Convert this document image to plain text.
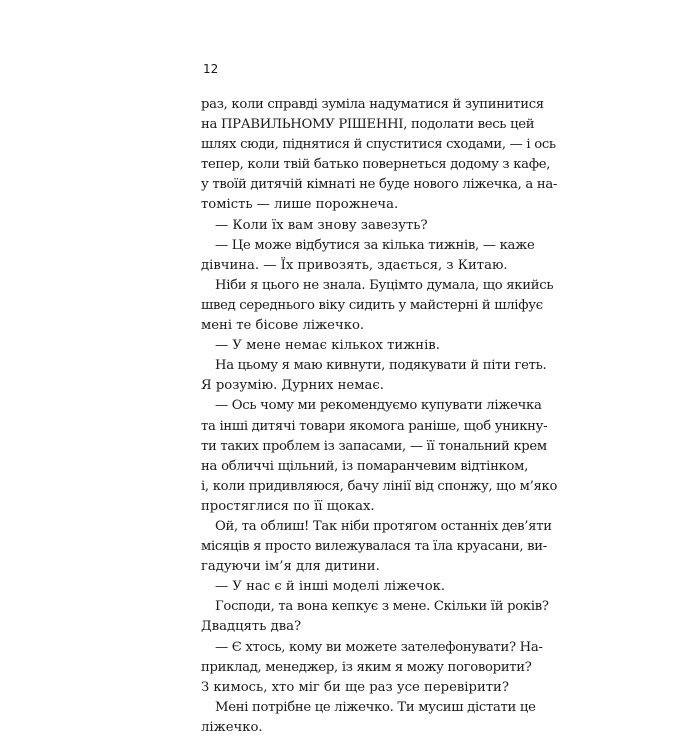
12
раз, коли справді зуміла надуматися й зупинитися
на ПРАВИЛЬНОМУ РІШЕННІ, подолати весь цей
шлях сюди, піднятися й спуститися сходами, — і ось
тепер, коли твій батько повернеться додому з кафе,
у твоїй дитячій кімнаті не буде нового ліжечка, а на-
томість — лише порожнеча.
— Коли їх вам знову завезуть?
— Це може відбутися за кілька тижнів, — каже
дівчина. — Їх привозять, здається, з Китаю.
Ніби я цього не знала. Буцімто думала, що якийсь
швед середнього віку сидить у майстерні й шліфує
мені те бісове ліжечко.
— У мене немає кількох тижнів.
На цьому я маю кивнути, подякувати й піти геть.
Я розумію. Дурних немає.
— Ось чому ми рекомендуємо купувати ліжечка
та інші дитячі товари якомога раніше, щоб уникну-
ти таких проблем із запасами, — її тональний крем
на обличчі щільний, із помаранчевим відтінком,
і, коли придивляюся, бачу лінії від спонжу, що м’яко
простяглися по її щоках.
Ой, та облиш! Так ніби протягом останніх дев’яти
місяців я просто вилежувалася та їла круасани, ви-
гадуючи ім’я для дитини.
— У нас є й інші моделі ліжечок.
Господи, та вона кепкує з мене. Скільки їй років?
Двадцять два?
— Є хтось, кому ви можете зателефонувати? На-
приклад, менеджер, із яким я можу поговорити?
З кимось, хто міг би ще раз усе перевірити?
Мені потрібне це ліжечко. Ти мусиш дістати це
ліжечко.
